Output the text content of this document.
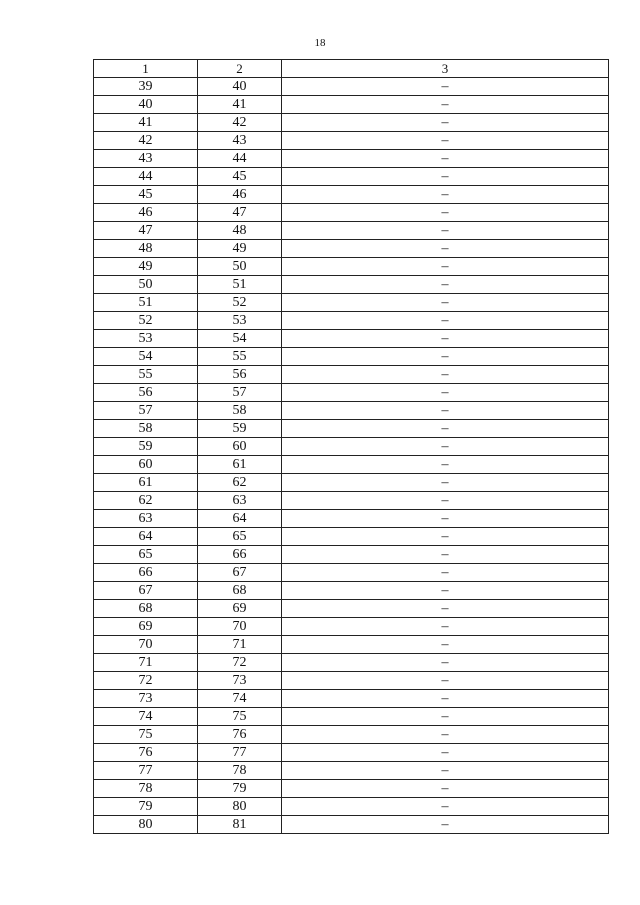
18
1	2	3
39	40	–
40	41	–
41	42	–
42	43	–
43	44	–
44	45	–
45	46	–
46	47	–
47	48	–
48	49	–
49	50	–
50	51	–
51	52	–
52	53	–
53	54	–
54	55	–
55	56	–
56	57	–
57	58	–
58	59	–
59	60	–
60	61	–
61	62	–
62	63	–
63	64	–
64	65	–
65	66	–
66	67	–
67	68	–
68	69	–
69	70	–
70	71	–
71	72	–
72	73	–
73	74	–
74	75	–
75	76	–
76	77	–
77	78	–
78	79	–
79	80	–
80	81	–
